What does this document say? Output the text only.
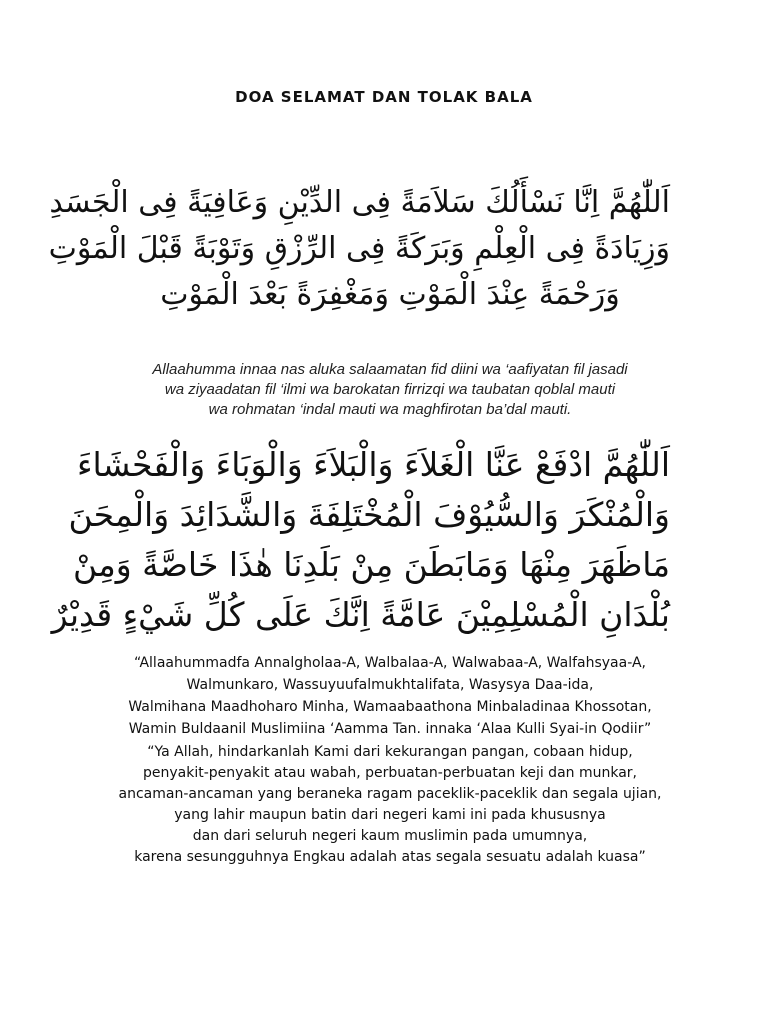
DOA SELAMAT DAN TOLAK BALA
اَللّٰهُمَّ اِنَّا نَسْأَلُكَ سَلاَمَةً فِى الدِّيْنِ وَعَافِيَةً فِى الْجَسَدِ
وَزِيَادَةً فِى الْعِلْمِ وَبَرَكَةً فِى الرِّزْقِ وَتَوْبَةً قَبْلَ الْمَوْتِ
وَرَحْمَةً عِنْدَ الْمَوْتِ وَمَغْفِرَةً بَعْدَ الْمَوْتِ
Allaahumma innaa nas aluka salaamatan fid diini wa ‘aafiyatan fil jasadi
wa ziyaadatan fil ‘ilmi wa barokatan firrizqi wa taubatan qoblal mauti
wa rohmatan ‘indal mauti wa maghfirotan ba’dal mauti.
اَللّٰهُمَّ ادْفَعْ عَنَّا الْغَلاَءَ وَالْبَلاَءَ وَالْوَبَاءَ وَالْفَحْشَاءَ
وَالْمُنْكَرَ وَالسُّيُوْفَ الْمُخْتَلِفَةَ وَالشَّدَائِدَ وَالْمِحَنَ
مَاظَهَرَ مِنْهَا وَمَابَطَنَ مِنْ بَلَدِنَا هٰذَا خَاصَّةً وَمِنْ
بُلْدَانِ الْمُسْلِمِيْنَ عَامَّةً اِنَّكَ عَلَى كُلِّ شَيْءٍ قَدِيْرٌ
“Allaahummadfa Annalgholaa-A, Walbalaa-A, Walwabaa-A, Walfahsyaa-A,
Walmunkaro, Wassuyuufalmukhtalifata, Wasysya Daa-ida,
Walmihana Maadhoharo Minha, Wamaabaathona Minbaladinaa Khossotan,
Wamin Buldaanil Muslimiina ‘Aamma Tan. innaka ‘Alaa Kulli Syai-in Qodiir”
“Ya Allah, hindarkanlah Kami dari kekurangan pangan, cobaan hidup,
penyakit-penyakit atau wabah, perbuatan-perbuatan keji dan munkar,
ancaman-ancaman yang beraneka ragam paceklik-paceklik dan segala ujian,
yang lahir maupun batin dari negeri kami ini pada khususnya
dan dari seluruh negeri kaum muslimin pada umumnya,
karena sesungguhnya Engkau adalah atas segala sesuatu adalah kuasa”
